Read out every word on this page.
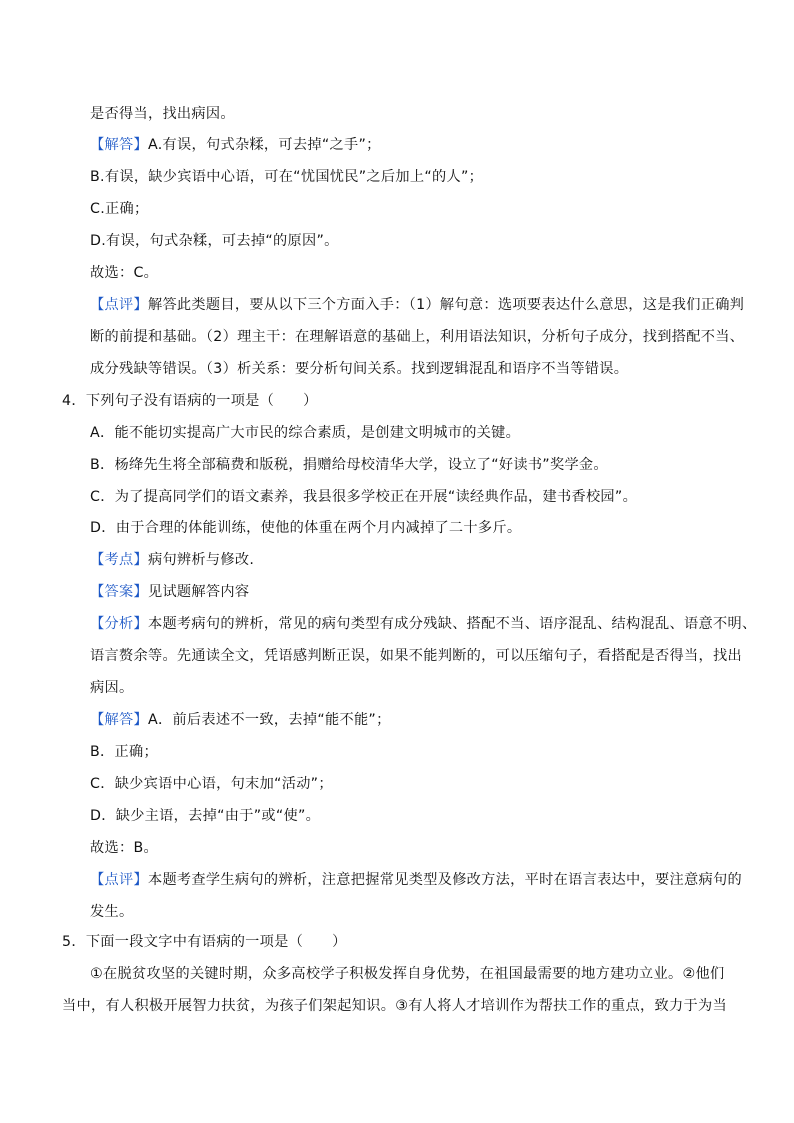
是否得当，找出病因。
【解答】A.有误，句式杂糅，可去掉“之手”；
B.有误，缺少宾语中心语，可在“忧国忧民”之后加上“的人”；
C.正确；
D.有误，句式杂糅，可去掉“的原因”。
故选：C。
【点评】解答此类题目，要从以下三个方面入手：（1）解句意：选项要表达什么意思，这是我们正确判
断的前提和基础。（2）理主干：在理解语意的基础上，利用语法知识，分析句子成分，找到搭配不当、
成分残缺等错误。（3）析关系：要分析句间关系。找到逻辑混乱和语序不当等错误。
4．下列句子没有语病的一项是（　　）
A．能不能切实提高广大市民的综合素质，是创建文明城市的关键。
B．杨绛先生将全部稿费和版税，捐赠给母校清华大学，设立了“好读书”奖学金。
C．为了提高同学们的语文素养，我县很多学校正在开展“读经典作品，建书香校园”。
D．由于合理的体能训练，使他的体重在两个月内减掉了二十多斤。
【考点】病句辨析与修改.
【答案】见试题解答内容
【分析】本题考病句的辨析，常见的病句类型有成分残缺、搭配不当、语序混乱、结构混乱、语意不明、
语言赘余等。先通读全文，凭语感判断正误，如果不能判断的，可以压缩句子，看搭配是否得当，找出
病因。
【解答】A．前后表述不一致，去掉“能不能”；
B．正确；
C．缺少宾语中心语，句末加“活动”；
D．缺少主语，去掉“由于”或“使”。
故选：B。
【点评】本题考查学生病句的辨析，注意把握常见类型及修改方法，平时在语言表达中，要注意病句的
发生。
5．下面一段文字中有语病的一项是（　　）
①在脱贫攻坚的关键时期，众多高校学子积极发挥自身优势，在祖国最需要的地方建功立业。②他们
当中，有人积极开展智力扶贫，为孩子们架起知识。③有人将人才培训作为帮扶工作的重点，致力于为当
